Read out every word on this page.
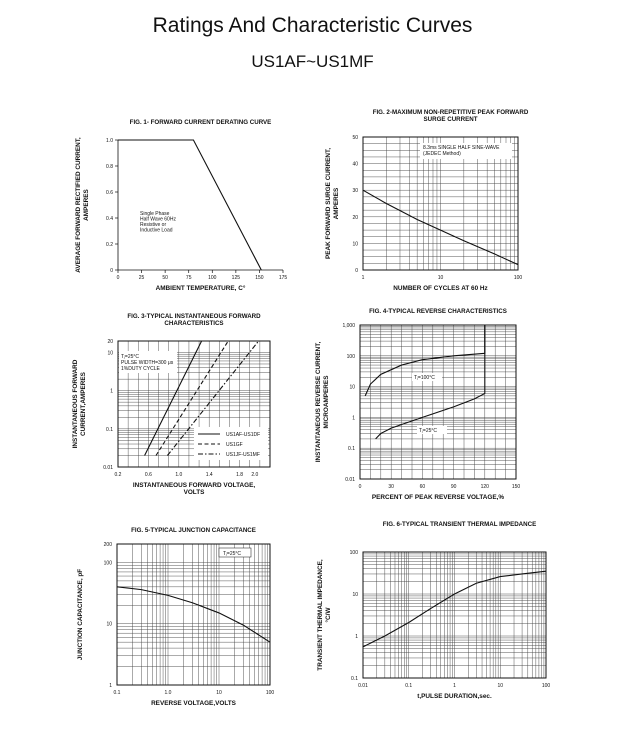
Ratings And Characteristic Curves
US1AF~US1MF
0	25	50	75	100	125	150	175
0
0.2
0.4
0.6
0.8
1.0
FIG. 1- FORWARD CURRENT DERATING CURVE
AMBIENT TEMPERATURE, C°
AVERAGE FORWARD RECTIFIED CURRENT, AMPERES
1	10	100
0
10
20
30
40
50
FIG. 2-MAXIMUM NON-REPETITIVE PEAK FORWARD
SURGE CURRENT
NUMBER OF CYCLES AT 60 Hz
PEAK FORWARD SURGE CURRENT, AMPERES
0.2	0.6	1.0	1.4	1.8 2.0
0.01
0.1
1
10
20
FIG. 3-TYPICAL INSTANTANEOUS FORWARD
CHARACTERISTICS
INSTANTANEOUS FORWARD VOLTAGE,
VOLTS
INSTANTANEOUS FORWARD CURRENT,AMPERES
0	30	60	90	120	150
0.01
0.1
1
10
100
1,000
FIG. 4-TYPICAL REVERSE CHARACTERISTICS
PERCENT OF PEAK REVERSE VOLTAGE,%
INSTANTANEOUS REVERSE CURRENT, MICROAMPERES
0.1	1.0	10	100
1
10
100
200
FIG. 5-TYPICAL JUNCTION CAPACITANCE
REVERSE VOLTAGE,VOLTS
JUNCTION CAPACITANCE, pF
0.01	0.1	1	10	100
0.1
1
10
100
FIG. 6-TYPICAL TRANSIENT THERMAL IMPEDANCE
t,PULSE DURATION,sec.
TRANSIENT THERMAL IMPEDANCE, °C/W
Single Phase
Half Wave 60Hz
Resistive or
Inductive Load
8.3ms SINGLE HALF SINE-WAVE
(JEDEC Method)
Tⱼ=25°C
PULSE WIDTH=300 μs
1%DUTY CYCLE
US1AF-US1DF
US1GF
US1JF-US1MF
Tⱼ=100°C
Tⱼ=25°C
Tⱼ=25°C
